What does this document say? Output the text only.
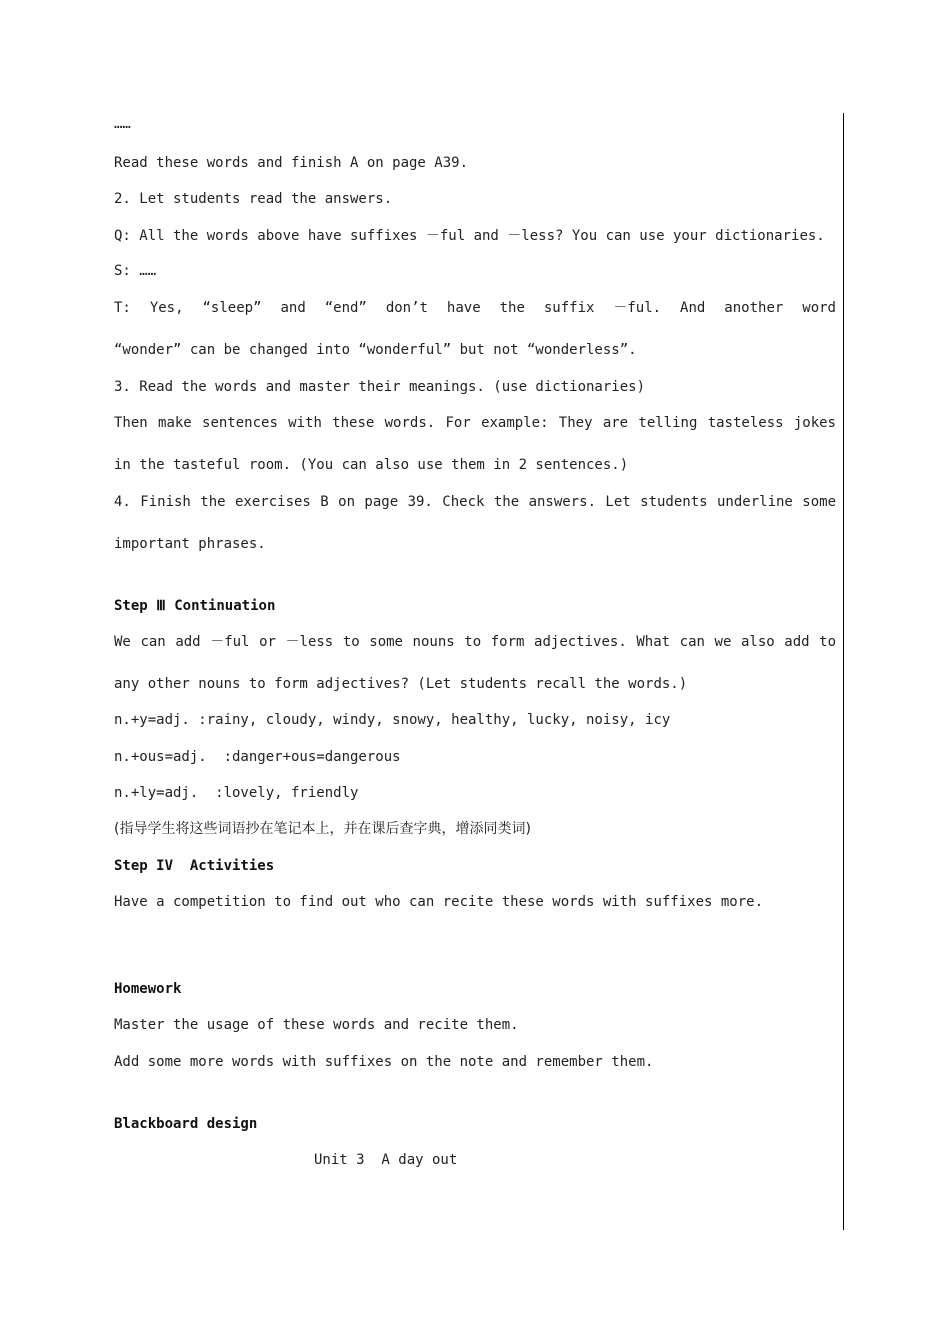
……
Read these words and finish A on page A39.
2. Let students read the answers.
Q: All the words above have suffixes －ful and －less? You can use your dictionaries.
S: ……
T: Yes, “sleep” and “end” don’t have the suffix －ful. And another word
“wonder” can be changed into “wonderful” but not “wonderless”.
3. Read the words and master their meanings. (use dictionaries)
Then make sentences with these words. For example: They are telling tasteless jokes
in the tasteful room. (You can also use them in 2 sentences.)
4. Finish the exercises B on page 39. Check the answers. Let students underline some
important phrases.
Step Ⅲ Continuation
We can add －ful or －less to some nouns to form adjectives. What can we also add to
any other nouns to form adjectives? (Let students recall the words.)
n.+y=adj. :rainy, cloudy, windy, snowy, healthy, lucky, noisy, icy
n.+ous=adj.  :danger+ous=dangerous
n.+ly=adj.  :lovely, friendly
(指导学生将这些词语抄在笔记本上，并在课后查字典，增添同类词)
Step IV  Activities
Have a competition to find out who can recite these words with suffixes more.
Homework
Master the usage of these words and recite them.
Add some more words with suffixes on the note and remember them.
Blackboard design
Unit 3  A day out
